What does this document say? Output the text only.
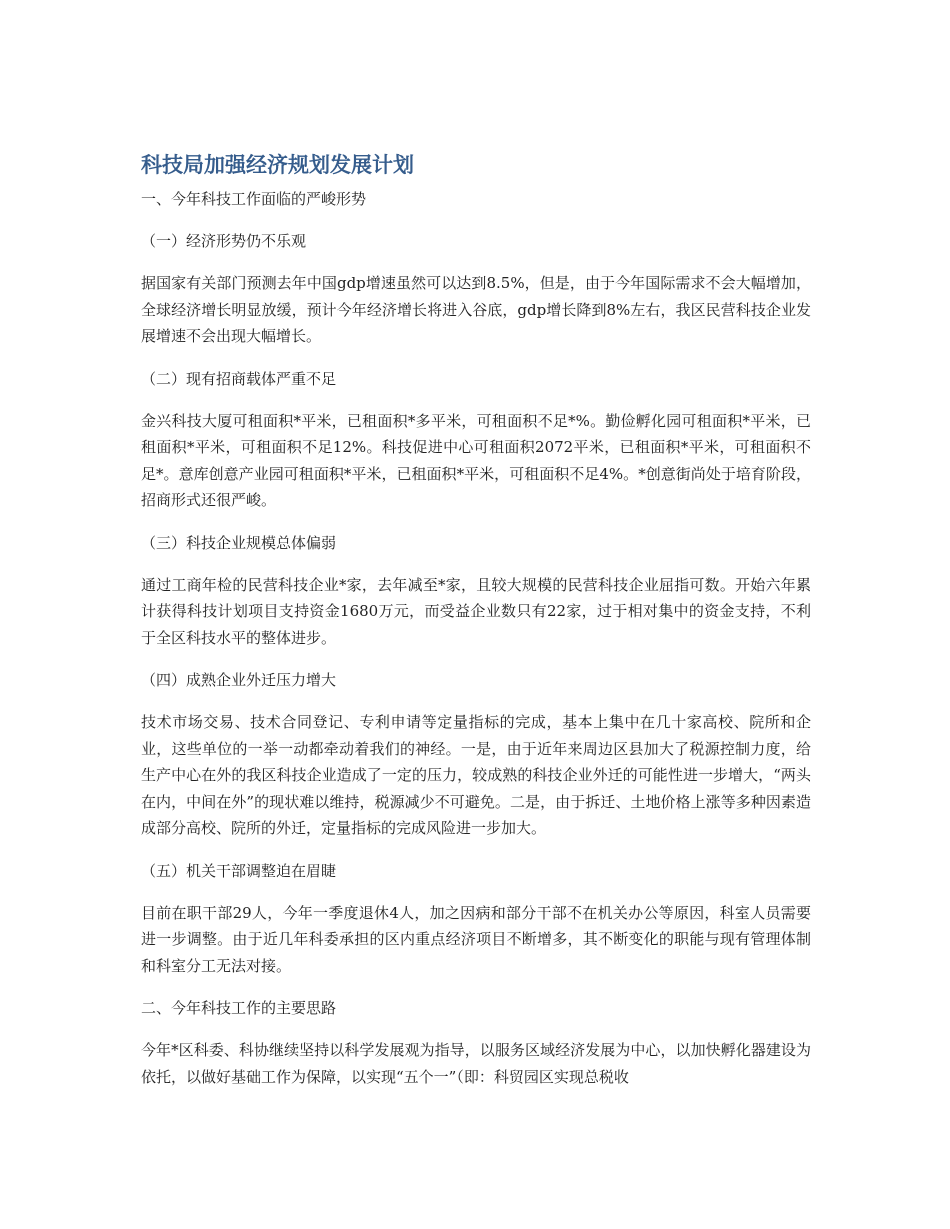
科技局加强经济规划发展计划

一、今年科技工作面临的严峻形势

（一）经济形势仍不乐观

据国家有关部门预测去年中国gdp增速虽然可以达到8.5%，但是，由于今年国际需求不会大幅增加，全球经济增长明显放缓，预计今年经济增长将进入谷底，gdp增长降到8%左右，我区民营科技企业发展增速不会出现大幅增长。

（二）现有招商载体严重不足

金兴科技大厦可租面积*平米，已租面积*多平米，可租面积不足*%。勤俭孵化园可租面积*平米，已租面积*平米，可租面积不足12%。科技促进中心可租面积2072平米，已租面积*平米，可租面积不足*。意库创意产业园可租面积*平米，已租面积*平米，可租面积不足4%。*创意街尚处于培育阶段，招商形式还很严峻。

（三）科技企业规模总体偏弱

通过工商年检的民营科技企业*家，去年减至*家，且较大规模的民营科技企业屈指可数。开始六年累计获得科技计划项目支持资金1680万元，而受益企业数只有22家，过于相对集中的资金支持，不利于全区科技水平的整体进步。

（四）成熟企业外迁压力增大

技术市场交易、技术合同登记、专利申请等定量指标的完成，基本上集中在几十家高校、院所和企业，这些单位的一举一动都牵动着我们的神经。一是，由于近年来周边区县加大了税源控制力度，给生产中心在外的我区科技企业造成了一定的压力，较成熟的科技企业外迁的可能性进一步增大，“两头在内，中间在外”的现状难以维持，税源减少不可避免。二是，由于拆迁、土地价格上涨等多种因素造成部分高校、院所的外迁，定量指标的完成风险进一步加大。

（五）机关干部调整迫在眉睫

目前在职干部29人，今年一季度退休4人，加之因病和部分干部不在机关办公等原因，科室人员需要进一步调整。由于近几年科委承担的区内重点经济项目不断增多，其不断变化的职能与现有管理体制和科室分工无法对接。

二、今年科技工作的主要思路

今年*区科委、科协继续坚持以科学发展观为指导，以服务区域经济发展为中心，以加快孵化器建设为依托，以做好基础工作为保障，以实现“五个一”（即：科贸园区实现总税收
